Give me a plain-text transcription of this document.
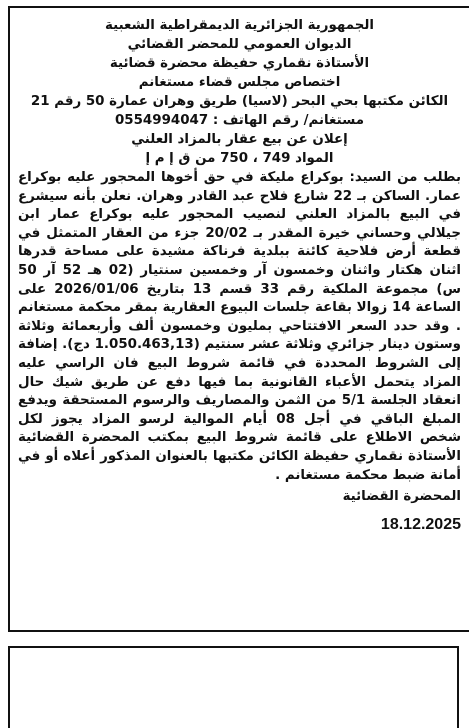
الجمهورية الجزائرية الديمقراطية الشعبية
الديوان العمومي للمحضر القضائي
الأستاذة نقماري حفيظة محضرة قضائية
اختصاص مجلس قضاء مستغانم
الكائن مكتبها بحي البحر (لاسيا) طريق وهران عمارة 50 رقم 21 مستغانم/ رقم الهاتف : 0554994047
إعلان عن بيع عقار بالمزاد العلني
المواد 749 ، 750 من ق إ م إ
بطلب من السيد: بوكراع مليكة في حق أخوها المحجور عليه بوكراع عمار. الساكن بـ 22 شارع فلاح عبد القادر وهران. نعلن بأنه سيشرع في البيع بالمزاد العلني لنصيب المحجور عليه بوكراع عمار ابن جيلالي وحساني خيرة المقدر بـ 20/02 جزء من العقار المتمثل في قطعة أرض فلاحية كائنة ببلدية فرناكة مشيدة على مساحة قدرها اثنان هكتار واثنان وخمسون آر وخمسين سنتيار (02 هـ 52 آر 50 س) مجموعة الملكية رقم 33 قسم 13 بتاريخ 2026/01/06 على الساعة 14 زوالا بقاعة جلسات البيوع العقارية بمقر محكمة مستغانم . وقد حدد السعر الافتتاحي بمليون وخمسون ألف وأربعمائة وثلاثة وستون دينار جزائري وثلاثة عشر سنتيم (1.050.463,13 دج). إضافة إلى الشروط المحددة في قائمة شروط البيع فان الراسي عليه المزاد يتحمل الأعباء القانونية بما فيها دفع عن طريق شيك حال انعقاد الجلسة 5/1 من الثمن والمصاريف والرسوم المستحقة ويدفع المبلغ الباقي في أجل 08 أيام الموالية لرسو المزاد يجوز لكل شخص الاطلاع على قائمة شروط البيع بمكتب المحضرة القضائية الأستاذة نقماري حفيظة الكائن مكتبها بالعنوان المذكور أعلاه أو في أمانة ضبط محكمة مستغانم .
المحضرة القضائية
18.12.2025
